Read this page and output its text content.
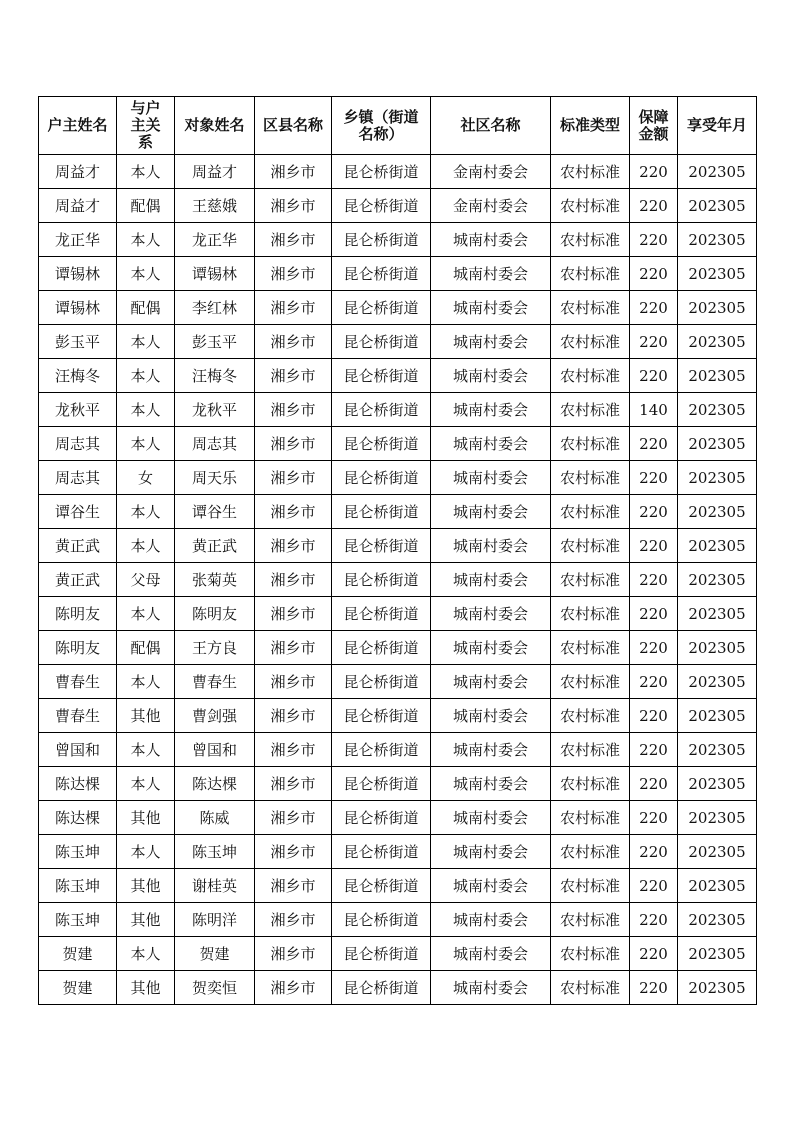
户主姓名	与户主关系	对象姓名	区县名称	乡镇（街道名称）	社区名称	标准类型	保障金额	享受年月
周益才	本人	周益才	湘乡市	昆仑桥街道	金南村委会	农村标准	220	202305
周益才	配偶	王慈娥	湘乡市	昆仑桥街道	金南村委会	农村标准	220	202305
龙正华	本人	龙正华	湘乡市	昆仑桥街道	城南村委会	农村标准	220	202305
谭锡林	本人	谭锡林	湘乡市	昆仑桥街道	城南村委会	农村标准	220	202305
谭锡林	配偶	李红林	湘乡市	昆仑桥街道	城南村委会	农村标准	220	202305
彭玉平	本人	彭玉平	湘乡市	昆仑桥街道	城南村委会	农村标准	220	202305
汪梅冬	本人	汪梅冬	湘乡市	昆仑桥街道	城南村委会	农村标准	220	202305
龙秋平	本人	龙秋平	湘乡市	昆仑桥街道	城南村委会	农村标准	140	202305
周志其	本人	周志其	湘乡市	昆仑桥街道	城南村委会	农村标准	220	202305
周志其	女	周天乐	湘乡市	昆仑桥街道	城南村委会	农村标准	220	202305
谭谷生	本人	谭谷生	湘乡市	昆仑桥街道	城南村委会	农村标准	220	202305
黄正武	本人	黄正武	湘乡市	昆仑桥街道	城南村委会	农村标准	220	202305
黄正武	父母	张菊英	湘乡市	昆仑桥街道	城南村委会	农村标准	220	202305
陈明友	本人	陈明友	湘乡市	昆仑桥街道	城南村委会	农村标准	220	202305
陈明友	配偶	王方良	湘乡市	昆仑桥街道	城南村委会	农村标准	220	202305
曹春生	本人	曹春生	湘乡市	昆仑桥街道	城南村委会	农村标准	220	202305
曹春生	其他	曹剑强	湘乡市	昆仑桥街道	城南村委会	农村标准	220	202305
曾国和	本人	曾国和	湘乡市	昆仑桥街道	城南村委会	农村标准	220	202305
陈达棵	本人	陈达棵	湘乡市	昆仑桥街道	城南村委会	农村标准	220	202305
陈达棵	其他	陈威	湘乡市	昆仑桥街道	城南村委会	农村标准	220	202305
陈玉坤	本人	陈玉坤	湘乡市	昆仑桥街道	城南村委会	农村标准	220	202305
陈玉坤	其他	谢桂英	湘乡市	昆仑桥街道	城南村委会	农村标准	220	202305
陈玉坤	其他	陈明洋	湘乡市	昆仑桥街道	城南村委会	农村标准	220	202305
贺建	本人	贺建	湘乡市	昆仑桥街道	城南村委会	农村标准	220	202305
贺建	其他	贺奕恒	湘乡市	昆仑桥街道	城南村委会	农村标准	220	202305
